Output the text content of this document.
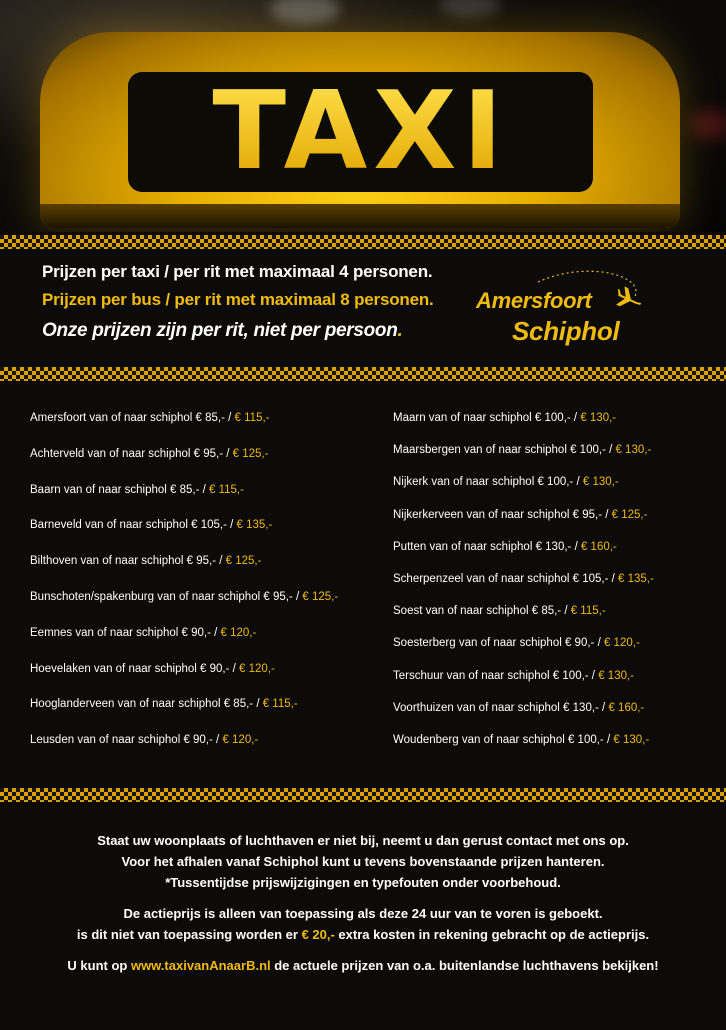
TAXI

Prijzen per taxi / per rit met maximaal 4 personen.

Prijzen per bus / per rit met maximaal 8 personen.

Onze prijzen zijn per rit, niet per persoon.

Amersfoort
Schiphol
Amersfoort van of naar schiphol € 85,- / € 115,-
Achterveld van of naar schiphol € 95,- / € 125,-
Baarn van of naar schiphol € 85,- / € 115,-
Barneveld van of naar schiphol € 105,- / € 135,-
Bilthoven van of naar schiphol € 95,- / € 125,-
Bunschoten/spakenburg van of naar schiphol € 95,- / € 125,-
Eemnes van of naar schiphol € 90,- / € 120,-
Hoevelaken van of naar schiphol € 90,- / € 120,-
Hooglanderveen van of naar schiphol € 85,- / € 115,-
Leusden van of naar schiphol € 90,- / € 120,-
Maarn van of naar schiphol € 100,- / € 130,-
Maarsbergen van of naar schiphol € 100,- / € 130,-
Nijkerk van of naar schiphol € 100,- / € 130,-
Nijkerkerveen van of naar schiphol € 95,- / € 125,-
Putten van of naar schiphol € 130,- / € 160,-
Scherpenzeel van of naar schiphol € 105,- / € 135,-
Soest van of naar schiphol € 85,- / € 115,-
Soesterberg van of naar schiphol € 90,- / € 120,-
Terschuur van of naar schiphol € 100,- / € 130,-
Voorthuizen van of naar schiphol € 130,- / € 160,-
Woudenberg van of naar schiphol € 100,- / € 130,-

Staat uw woonplaats of luchthaven er niet bij, neemt u dan gerust contact met ons op.

Voor het afhalen vanaf Schiphol kunt u tevens bovenstaande prijzen hanteren.

*Tussentijdse prijswijzigingen en typefouten onder voorbehoud.

De actieprijs is alleen van toepassing als deze 24 uur van te voren is geboekt.

is dit niet van toepassing worden er € 20,- extra kosten in rekening gebracht op de actieprijs.

U kunt op www.taxivanAnaarB.nl de actuele prijzen van o.a. buitenlandse luchthavens bekijken!
